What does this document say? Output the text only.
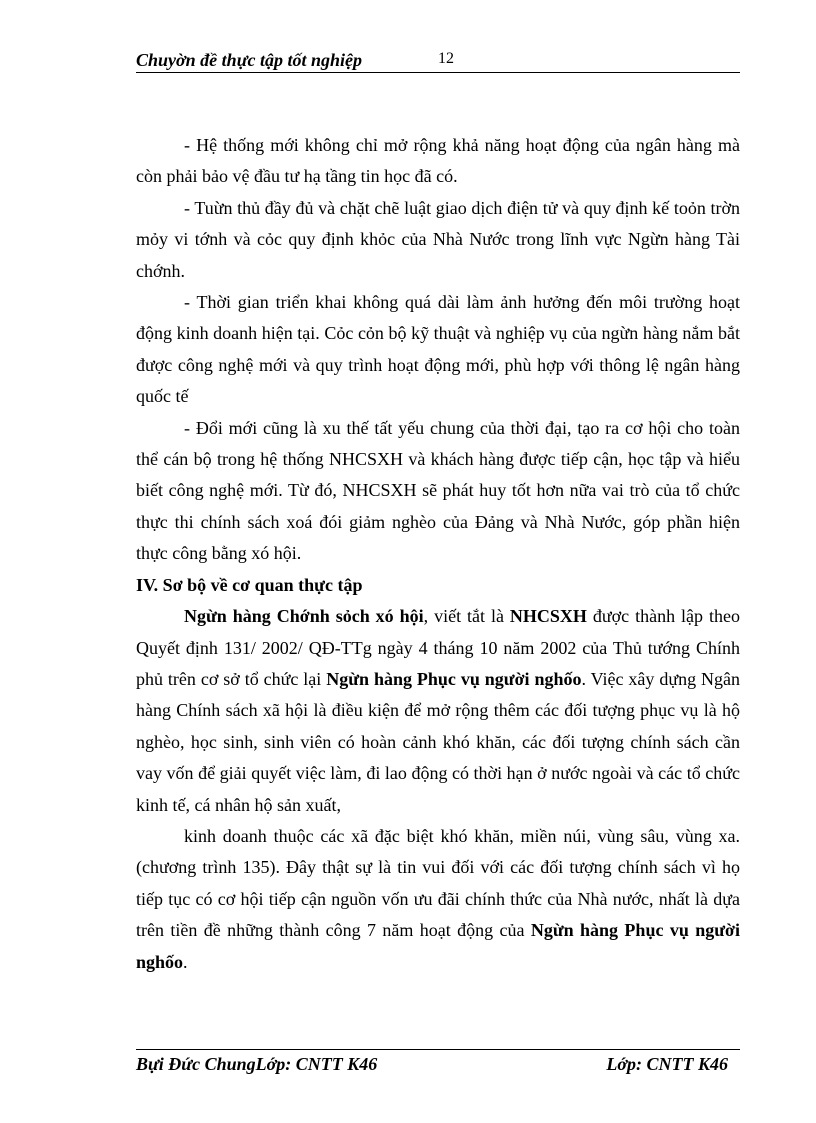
Chuyờn đề thực tập tốt nghiệp	12

- Hệ thống mới không chỉ mở rộng khả năng hoạt động của ngân hàng mà còn phải bảo vệ đầu tư hạ tầng tin học đã có.

- Tuừn thủ đầy đủ và chặt chẽ luật giao dịch điện tử và quy định kế toỏn trờn mỏy vi tớnh và cỏc quy định khỏc của Nhà Nước trong lĩnh vực Ngừn hàng Tài chớnh.

- Thời gian triển khai không quá dài làm ảnh hưởng đến môi trường hoạt động kinh doanh hiện tại. Cỏc cỏn bộ kỹ thuật và nghiệp vụ của ngừn hàng nắm bắt được công nghệ mới và quy trình hoạt động mới, phù hợp với thông lệ ngân hàng quốc tế

- Đổi mới cũng là xu thế tất yếu chung của thời đại, tạo ra cơ hội cho toàn thể cán bộ trong hệ thống NHCSXH và khách hàng được tiếp cận, học tập và hiểu biết công nghệ mới. Từ đó, NHCSXH sẽ phát huy tốt hơn nữa vai trò của tổ chức thực thi chính sách xoá đói giảm nghèo của Đảng và Nhà Nước, góp phần hiện thực công bằng xó hội.

IV. Sơ bộ về cơ quan thực tập

Ngừn hàng Chớnh sỏch xó hội, viết tắt là NHCSXH được thành lập theo Quyết định 131/ 2002/ QĐ-TTg ngày 4 tháng 10 năm 2002 của Thủ tướng Chính phủ trên cơ sở tổ chức lại Ngừn hàng Phục vụ người nghốo. Việc xây dựng Ngân hàng Chính sách xã hội là điều kiện để mở rộng thêm các đối tượng phục vụ là hộ nghèo, học sinh, sinh viên có hoàn cảnh khó khăn, các đối tượng chính sách cần vay vốn để giải quyết việc làm, đi lao động có thời hạn ở nước ngoài và các tổ chức kinh tế, cá nhân hộ sản xuất,

kinh doanh thuộc các xã đặc biệt khó khăn, miền núi, vùng sâu, vùng xa. (chương trình 135). Đây thật sự là tin vui đối với các đối tượng chính sách vì họ tiếp tục có cơ hội tiếp cận nguồn vốn ưu đãi chính thức của Nhà nước, nhất là dựa trên tiền đề những thành công 7 năm hoạt động của Ngừn hàng Phục vụ người nghốo.

Bựi Đức ChungLớp: CNTT K46	Lớp: CNTT K46
